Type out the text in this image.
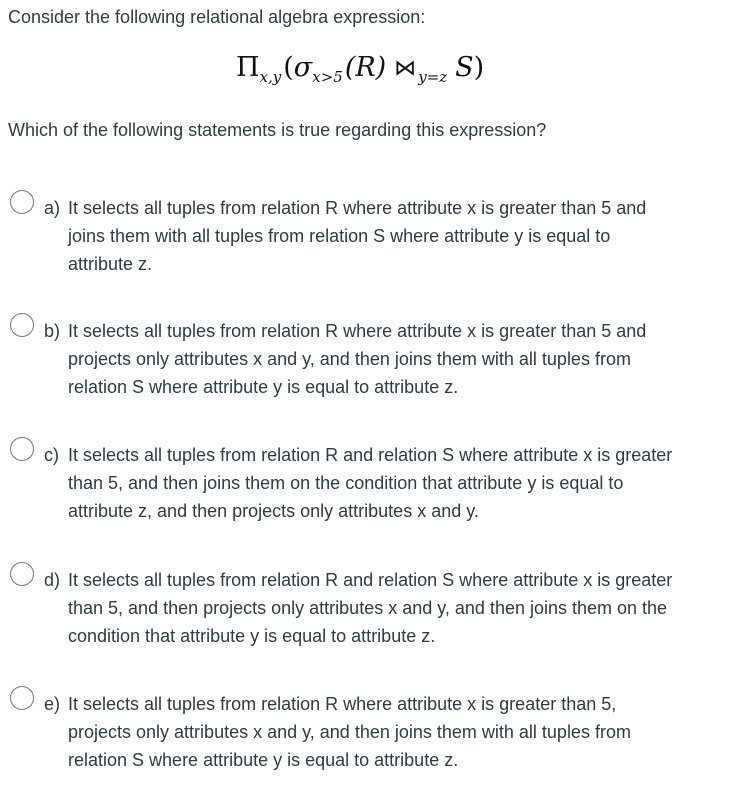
Consider the following relational algebra expression:
Π x,y ( σ x>5 (R) ⋈ y=z S )
Which of the following statements is true regarding this expression?
a) It selects all tuples from relation R where attribute x is greater than 5 and
joins them with all tuples from relation S where attribute y is equal to
attribute z.
b) It selects all tuples from relation R where attribute x is greater than 5 and
projects only attributes x and y, and then joins them with all tuples from
relation S where attribute y is equal to attribute z.
c) It selects all tuples from relation R and relation S where attribute x is greater
than 5, and then joins them on the condition that attribute y is equal to
attribute z, and then projects only attributes x and y.
d) It selects all tuples from relation R and relation S where attribute x is greater
than 5, and then projects only attributes x and y, and then joins them on the
condition that attribute y is equal to attribute z.
e) It selects all tuples from relation R where attribute x is greater than 5,
projects only attributes x and y, and then joins them with all tuples from
relation S where attribute y is equal to attribute z.
